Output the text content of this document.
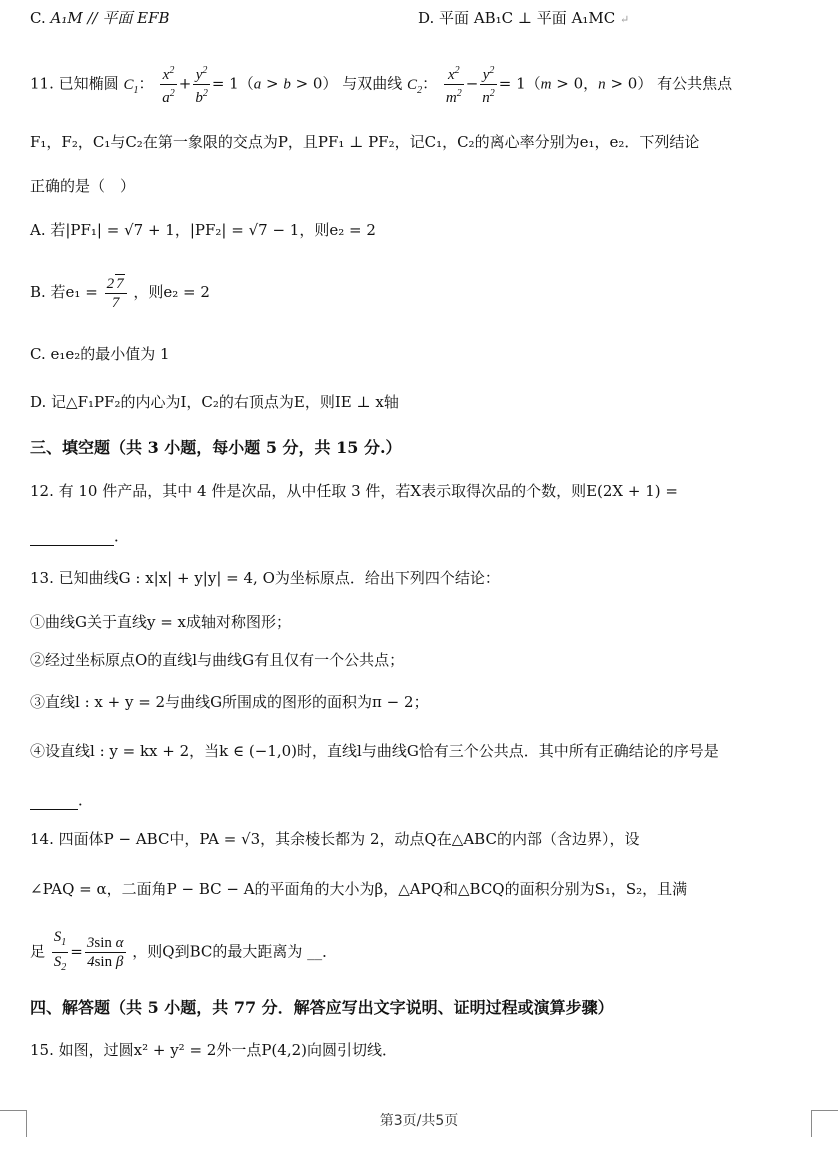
C. A₁M // 平面 EFB	D. 平面 AB₁C ⊥ 平面 A₁MC ↵
11. 已知椭圆 $C_1$： $\frac{x^2}{a^2} + \frac{y^2}{b^2} = 1(a > b > 0)$ 与双曲线 $C_2$： $\frac{x^2}{m^2} - \frac{y^2}{n^2} = 1(m > 0$，n > 0） 有公共焦点
F₁，F₂，C₁与C₂在第一象限的交点为P，且PF₁ ⊥ PF₂，记C₁，C₂的离心率分别为e₁，e₂．下列结论
正确的是（　）
A. 若|PF₁| = √7 + 1，|PF₂| = √7 − 1，则e₂ = 2
B. 若$e_1 = \frac{2 7}{7}$ ，则e₂ = 2
C. e₁e₂的最小值为 1
D. 记△F₁PF₂的内心为I，C₂的右顶点为E，则IE ⊥ x轴
三、填空题（共 3 小题，每小题 5 分，共 15 分.）
12. 有 10 件产品，其中 4 件是次品，从中任取 3 件，若X表示取得次品的个数，则E(2X + 1) =
．
13. 已知曲线G : x|x| + y|y| = 4, O为坐标原点．给出下列四个结论：
①曲线G关于直线y = x成轴对称图形；
②经过坐标原点O的直线l与曲线G有且仅有一个公共点；
③直线l : x + y = 2与曲线G所围成的图形的面积为π − 2；
④设直线l : y = kx + 2，当k ∈ (−1,0)时，直线l与曲线G恰有三个公共点．其中所有正确结论的序号是
．
14. 四面体P − ABC中，PA = √3，其余棱长都为 2，动点Q在△ABC的内部（含边界），设
∠PAQ = α，二面角P − BC − A的平面角的大小为β，△APQ和△BCQ的面积分别为S₁，S₂，且满
足 $\frac{S_1}{S_2} = \frac{\text{3sin α}}{\text{4sin β}}$ ，则Q到BC的最大距离为 __．
四、解答题（共 5 小题，共 77 分．解答应写出文字说明、证明过程或演算步骤）
15. 如图，过圆x² + y² = 2外一点P(4,2)向圆引切线．
第3页/共5页
